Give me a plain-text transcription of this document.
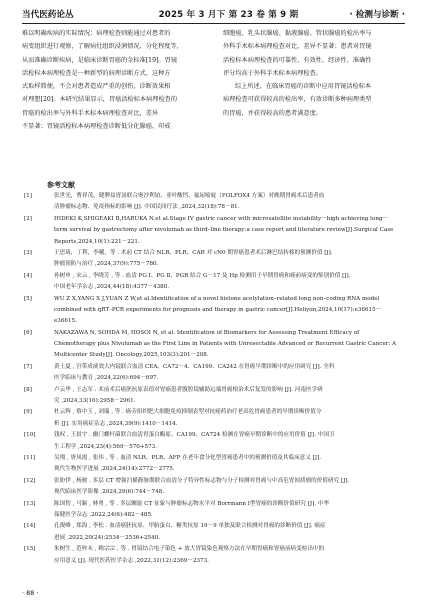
当代医药论丛	2025 年 3 月下 第 23 卷 第 9 期	· 检测与诊断 ·
难以明确疾病的实际情况；病理检查则能通过对患者的
病变组织进行观察，了解病灶组织浸润情况、分化程度等，
从而准确诊断疾病，是临床诊断胃癌的金标准[19]。胃镜
活检标本病理检查是一种新型的病理诊断方式，这种方
式取样简便，不会对患者造成严重的创伤，诊断效果相
对理想[20]。本研究结果显示，胃癌活检标本病理检查的
胃癌的检出率与外科手术标本病理检查对比，差异
不显著；胃镜活检标本病理检查诊断低分化腺癌、印戒
细胞癌、乳头状腺癌、黏液腺癌、管状腺癌的检出率与
外科手术标本病理检查对比，差异不显著；患者对胃镜
活检标本病理检查的可靠性、有效性、经济性、准确性
评分均高于外科手术标本病理检查。
综上所述，在临床胃癌的诊断中应用胃镜活检标本
病理检查可获得较高的检出率，有效诊断多种病理类型
的胃癌，并获得较高的患者满意度。
参考文献
[1]	张世光，曹祥茂，健脾益胃汤联合奥沙利铂、亚叶酸钙、氟尿嘧啶（FOLFOX4 方案）对晚期胃癌术后患者血
清肿瘤标志物、免疫指标的影响 [J]. 中国民间疗法 ,2024,32(18):78－81.
[2]	HIDEKI K,SHIGEAKI B,HARUKA N,et al.Stage IV gastric cancer with microsatellite instability－high achieving long－
term survival by gastrectomy after nivolumab as third–line therapy:a case report and literature review[J].Surgical Case
Reports,2024,10(1):221－221.
[3]	王思琦，丁利，李曦，等 . 术前 CT 结合 NLR、PLR、CAR 对 cN0 期胃癌患者术后淋巴结转移的预测价值 [J].
肿瘤预防与治疗 ,2024,37(9):775－780.
[4]	孙树申 , 宋云 , 李晓芳 , 等 . 血清 PG Ⅰ、PG Ⅱ、PGR 结合 G－17 及 Hp 检测用于早期胃癌和癌前病变的鉴别价值 [J].
中国老年学杂志 ,2024,44(18):4377－4380.
[5]	WU Z X,YANG X J,YUAN Z W,et al.Identification of a novel histone acetylation–related long non–coding RNA model
combined with qRT–PCR experiments for prognosis and therapy in gastric cancer[J].Heliyon,2024,10(17):e36615－
e36615.
[6]	NAKAZAWA N, SOHDA M, HOSOI N, et al. Identification of Biomarkers for Assessing Treatment Efficacy of
Chemotherapy plus Nivolumab as the First Line in Patients with Unresectable Advanced or Recurrent Gastric Cancer: A
Multicenter Study[J]. Oncology,2025,103(3):201－208.
[7]	黄土夏 , 宫带成痰效大内镜联合血清 CEA、CA72－4、CA199、CA242 在胃癌早期诊断中的应用研究 [J]. 全科
医学临床与教育 ,2024,22(6):694－697.
[8]	卢云华 , 王志军 . 术前术后癌胚抗原表值对胃癌患者腹腔镜辅助远端胃癌根治术后复发的影响 [J]. 河南医学研
究 ,2024,33(16):2958－2961.
[9]	杜云辉 , 蔡中玉 , 刘瑞 , 等 . 癌旁组织肥大细胞免疫抑制表型对抗癌药治疗老高危胃癌患者的早期诊断价值分
析 [J]. 实用癌症杂志 ,2024,39(9):1410－1414.
[10]	钱权 , 王晨宇 . 幽门螺杆菌联合血清胃蛋白酶原、CA199、CA724 检测在胃癌早期诊断中的应用价值 [J]. 中国卫
生工程学 ,2024,23(4):569－570+573.
[11]	吴翔 , 唐凤霞 , 张伟 , 等 . 血清 NLR、PLR、AFP 在老年食分化型胃癌患者中的预测价值及其临床意义 [J].
现代生物医学进展 ,2024,24(14):2772－2775.
[12]	张盼伊 , 杨骏 . 多层 CT 增强扫描静脉期联合血清分子特异性标志物与分子检测对胃癌与中高危胃间质瘤的价值研究 [J].
现代临床医学影像 ,2024,29(6):744－748.
[13]	陈国智 , 马颖 , 林勇 , 等 . 多层螺旋 CT 征象与肿瘤标志物水平对 Borrmann Ⅰ型胃癌的诊断价值研究 [J]. 中华
保健医学杂志 ,2022,24(6):482－485.
[14]	孔俊峰 , 郑海 , 李松 . 血清癌胚抗原、甲胎蛋白、糖类抗原 19－9 单独及联合检测对胃癌的诊断价值 [J]. 癌症
进展 ,2022,20(24):2534－2536+2540.
[15]	朱树生 , 范梓未 , 赖宗宗 , 等 . 胃镜结合电子染色 + 放大胃镜染色观察方法在早期胃癌和胃癌前病变检出中的
应用意义 [J]. 现代医药医学杂志 ,2022,31(12):2369－2373.
· 88 ·
